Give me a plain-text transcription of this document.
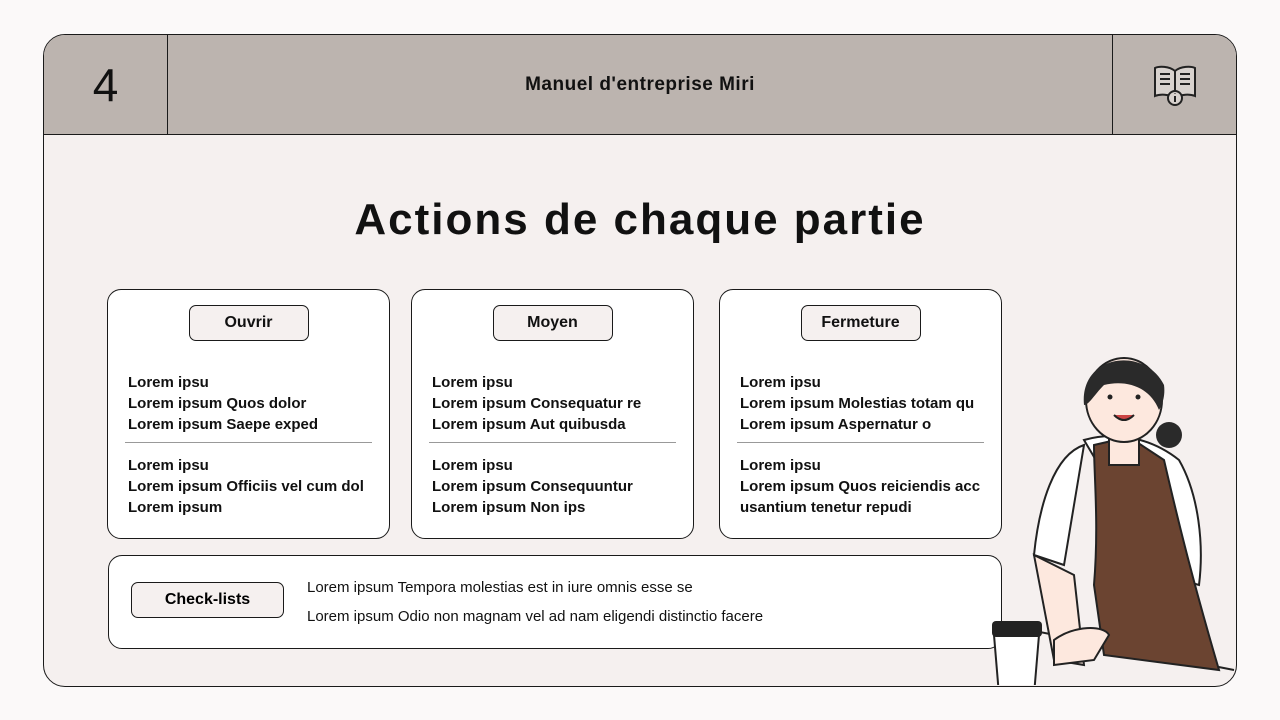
4	Manuel d'entreprise Miri
Actions de chaque partie
Ouvrir
Lorem ipsu
Lorem ipsum Quos dolor
Lorem ipsum Saepe exped
Lorem ipsu
Lorem ipsum Officiis vel cum dol
Lorem ipsum
Moyen
Lorem ipsu
Lorem ipsum Consequatur re
Lorem ipsum Aut quibusda
Lorem ipsu
Lorem ipsum Consequuntur
Lorem ipsum Non ips
Fermeture
Lorem ipsu
Lorem ipsum Molestias totam qu
Lorem ipsum Aspernatur o
Lorem ipsu
Lorem ipsum Quos reiciendis acc
usantium tenetur repudi
Check-lists
Lorem ipsum Tempora molestias est in iure omnis esse se
Lorem ipsum Odio non magnam vel ad nam eligendi distinctio facere
